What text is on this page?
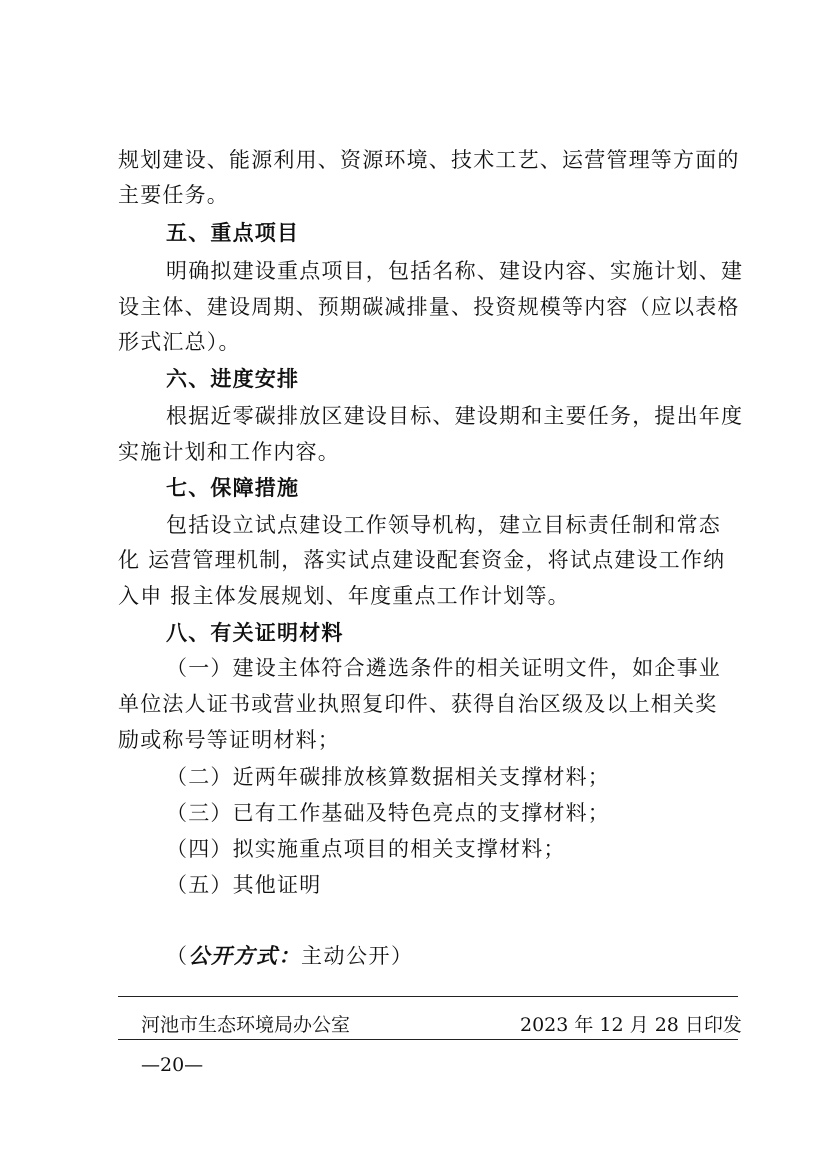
规划建设、能源利用、资源环境、技术工艺、运营管理等方面的
主要任务。
五、重点项目
明确拟建设重点项目，包括名称、建设内容、实施计划、建
设主体、建设周期、预期碳减排量、投资规模等内容（应以表格
形式汇总）。
六、进度安排
根据近零碳排放区建设目标、建设期和主要任务，提出年度
实施计划和工作内容。
七、保障措施
包括设立试点建设工作领导机构，建立目标责任制和常态
化 运营管理机制，落实试点建设配套资金，将试点建设工作纳
入申 报主体发展规划、年度重点工作计划等。
八、有关证明材料
（一）建设主体符合遴选条件的相关证明文件，如企事业
单位法人证书或营业执照复印件、获得自治区级及以上相关奖
励或称号等证明材料；
（二）近两年碳排放核算数据相关支撑材料；
（三）已有工作基础及特色亮点的支撑材料；
（四）拟实施重点项目的相关支撑材料；
（五）其他证明
（公开方式：主动公开）
河池市生态环境局办公室	2023 年 12 月 28 日印发
—20—
